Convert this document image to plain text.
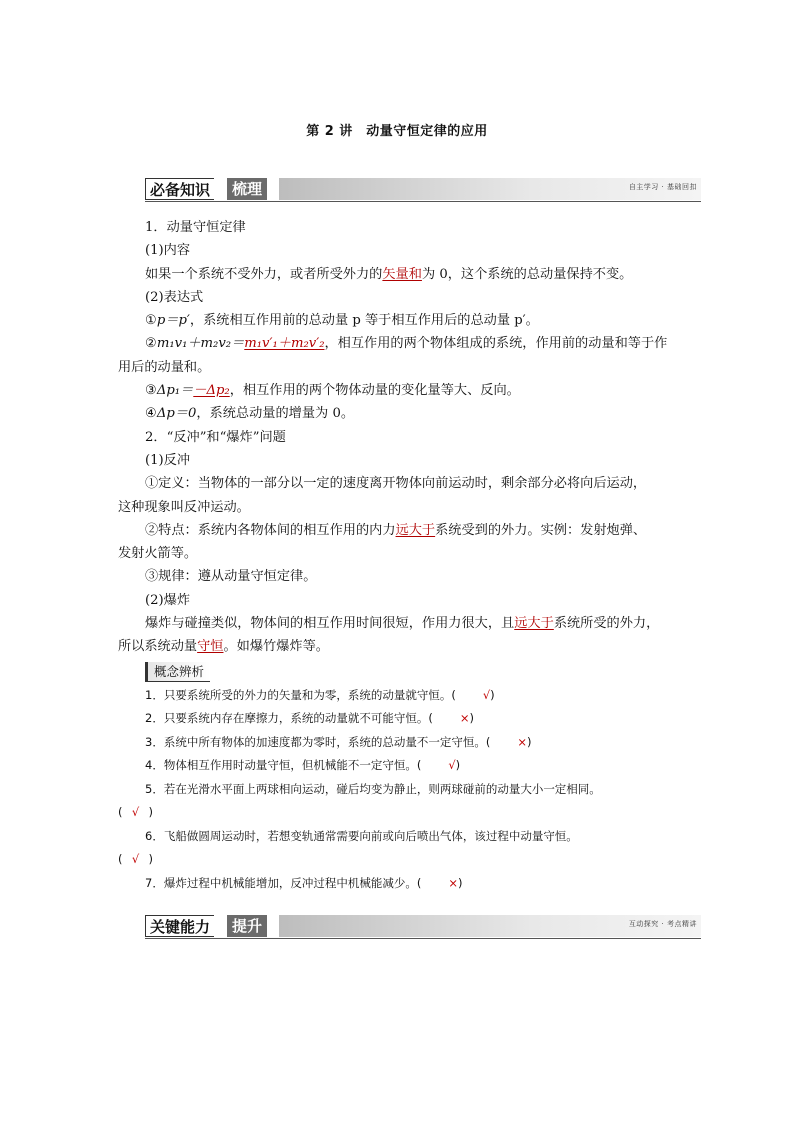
第 2 讲　动量守恒定律的应用
必备知识	梳理	自主学习 · 基础回扣

1．动量守恒定律

(1)内容

如果一个系统不受外力，或者所受外力的矢量和为 0，这个系统的总动量保持不变。

(2)表达式

①p＝p′，系统相互作用前的总动量 p 等于相互作用后的总动量 p′。

②m₁v₁＋m₂v₂＝m₁v′₁＋m₂v′₂，相互作用的两个物体组成的系统，作用前的动量和等于作

用后的动量和。

③Δp₁＝－Δp₂，相互作用的两个物体动量的变化量等大、反向。

④Δp＝0，系统总动量的增量为 0。

2．“反冲”和“爆炸”问题

(1)反冲

①定义：当物体的一部分以一定的速度离开物体向前运动时，剩余部分必将向后运动，

这种现象叫反冲运动。

②特点：系统内各物体间的相互作用的内力远大于系统受到的外力。实例：发射炮弹、

发射火箭等。

③规律：遵从动量守恒定律。

(2)爆炸

爆炸与碰撞类似，物体间的相互作用时间很短，作用力很大，且远大于系统所受的外力，

所以系统动量守恒。如爆竹爆炸等。

概念辨析

1．只要系统所受的外力的矢量和为零，系统的动量就守恒。( √)

2．只要系统内存在摩擦力，系统的动量就不可能守恒。( ×)

3．系统中所有物体的加速度都为零时，系统的总动量不一定守恒。( ×)

4．物体相互作用时动量守恒，但机械能不一定守恒。( √)

5．若在光滑水平面上两球相向运动，碰后均变为静止，则两球碰前的动量大小一定相同。

( √ )

6．飞船做圆周运动时，若想变轨通常需要向前或向后喷出气体，该过程中动量守恒。

( √ )

7．爆炸过程中机械能增加，反冲过程中机械能减少。( ×)

关键能力	提升	互动探究 · 考点精讲
